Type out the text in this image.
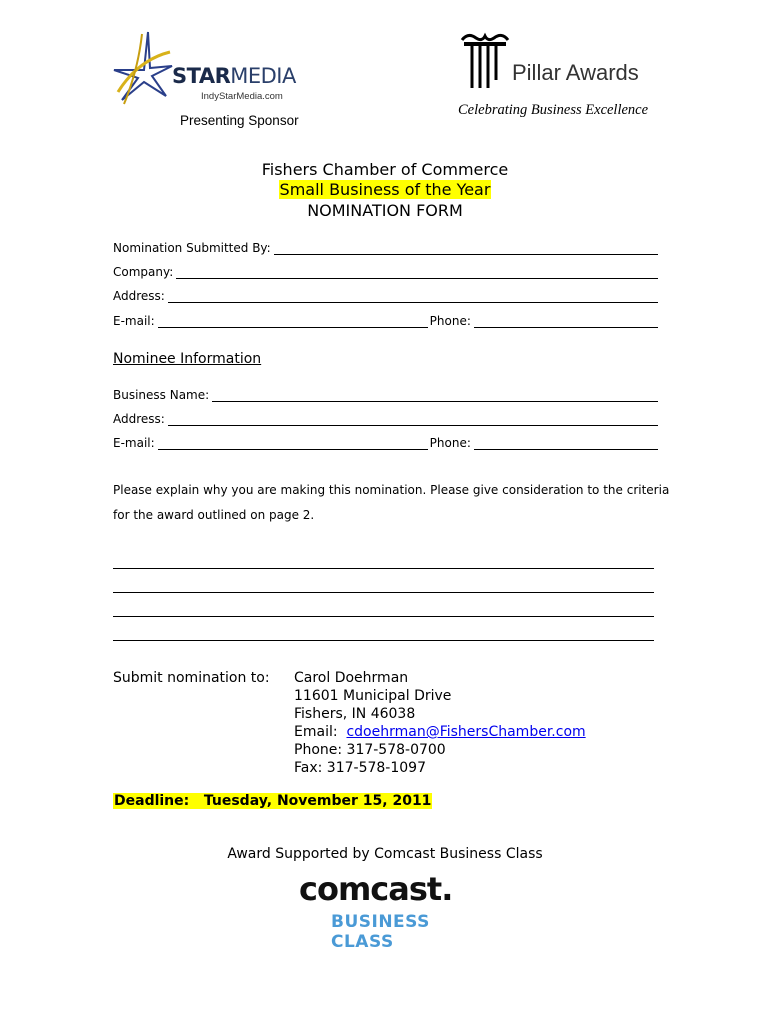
STARMEDIA
IndyStarMedia.com
Presenting Sponsor
Pillar Awards
Celebrating Business Excellence
Fishers Chamber of Commerce
Small Business of the Year
NOMINATION FORM
Nomination Submitted By:
Company:
Address:
E-mail:	Phone:
Nominee Information
Business Name:
Address:
E-mail:	Phone:
Please explain why you are making this nomination. Please give consideration to the criteria
for the award outlined on page 2.
Submit nomination to: Carol Doehrman
11601 Municipal Drive
Fishers, IN 46038
Email: cdoehrman@FishersChamber.com
Phone: 317-578-0700
Fax: 317-578-1097
Deadline:   Tuesday, November 15, 2011
Award Supported by Comcast Business Class
comcast.
BUSINESS CLASS
